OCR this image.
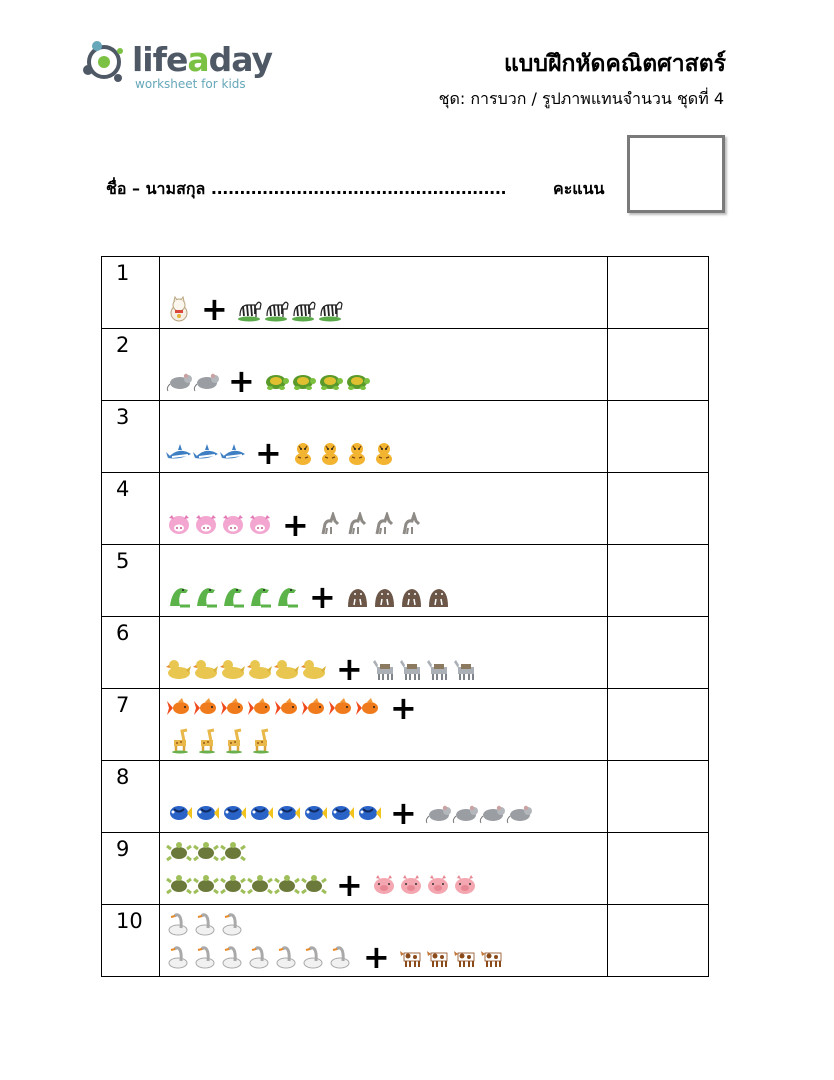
lifeaday
worksheet for kids
แบบฝึกหัดคณิตศาสตร์
ชุด: การบวก / รูปภาพแทนจำนวน ชุดที่ 4
ชื่อ – นามสกุล ....................................................	คะแนน
1	+	

2	+	

3	+	

4	+	

5	+	

6	+	

7	+	

8	+	

9	+	

10	+	
